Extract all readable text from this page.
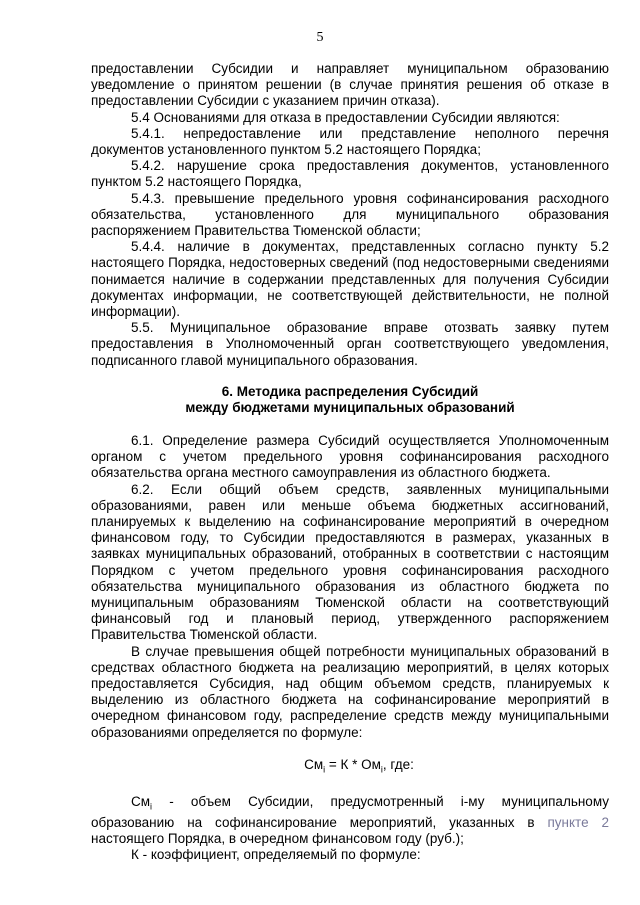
5

предоставлении Субсидии и направляет муниципальном образованию уведомление о принятом решении (в случае принятия решения об отказе в предоставлении Субсидии с указанием причин отказа).

5.4 Основаниями для отказа в предоставлении Субсидии являются:

5.4.1. непредоставление или представление неполного перечня документов установленного пунктом 5.2 настоящего Порядка;

5.4.2. нарушение срока предоставления документов, установленного пунктом 5.2 настоящего Порядка,

5.4.3. превышение предельного уровня софинансирования расходного обязательства, установленного для муниципального образования распоряжением Правительства Тюменской области;

5.4.4. наличие в документах, представленных согласно пункту 5.2 настоящего Порядка, недостоверных сведений (под недостоверными сведениями понимается наличие в содержании представленных для получения Субсидии документах информации, не соответствующей действительности, не полной информации).

5.5. Муниципальное образование вправе отозвать заявку путем предоставления в Уполномоченный орган соответствующего уведомления, подписанного главой муниципального образования.

6. Методика распределения Субсидий

между бюджетами муниципальных образований

6.1. Определение размера Субсидий осуществляется Уполномоченным органом с учетом предельного уровня софинансирования расходного обязательства органа местного самоуправления из областного бюджета.

6.2. Если общий объем средств, заявленных муниципальными образованиями, равен или меньше объема бюджетных ассигнований, планируемых к выделению на софинансирование мероприятий в очередном финансовом году, то Субсидии предоставляются в размерах, указанных в заявках муниципальных образований, отобранных в соответствии с настоящим Порядком с учетом предельного уровня софинансирования расходного обязательства муниципального образования из областного бюджета по муниципальным образованиям Тюменской области на соответствующий финансовый год и плановый период, утвержденного распоряжением Правительства Тюменской области.

В случае превышения общей потребности муниципальных образований в средствах областного бюджета на реализацию мероприятий, в целях которых предоставляется Субсидия, над общим объемом средств, планируемых к выделению из областного бюджета на софинансирование мероприятий в очередном финансовом году, распределение средств между муниципальными образованиями определяется по формуле:

$См_i = К * Ом_i$, где:

$См_i$ - объем Субсидии, предусмотренный i-му муниципальному образованию на софинансирование мероприятий, указанных в пункте 2 настоящего Порядка, в очередном финансовом году (руб.);

К - коэффициент, определяемый по формуле:
